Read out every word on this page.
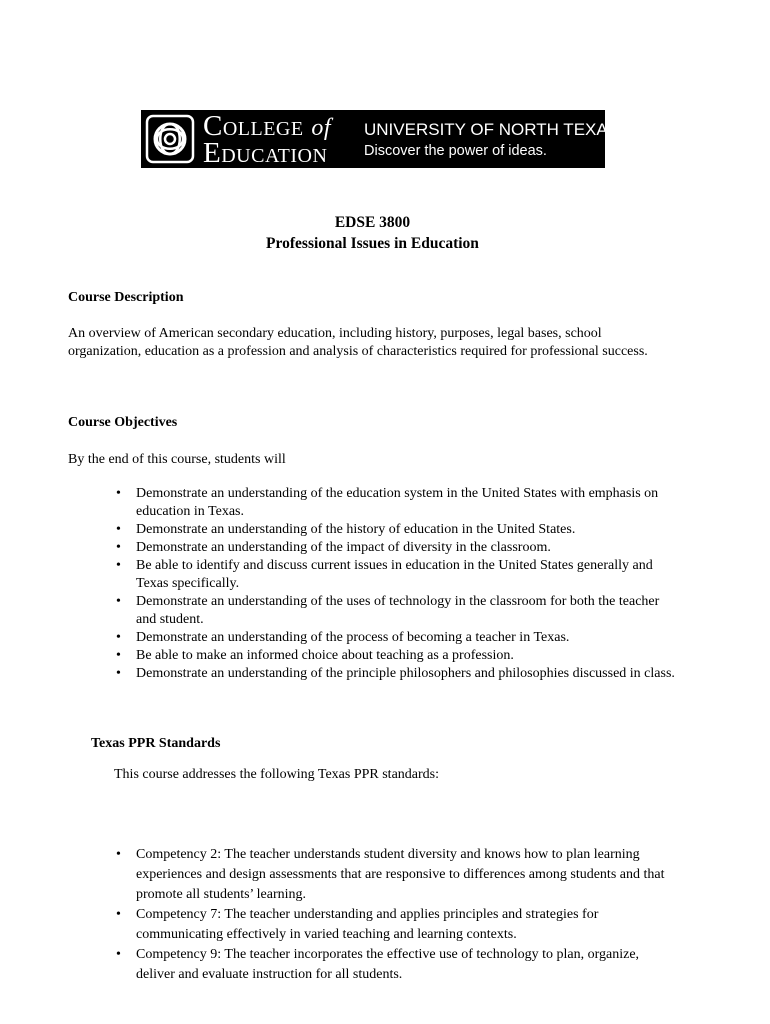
College of
Education
UNIVERSITY OF NORTH TEXAS
Discover the power of ideas.
EDSE 3800
Professional Issues in Education
Course Description
An overview of American secondary education, including history, purposes, legal bases, school organization, education as a profession and analysis of characteristics required for professional success.
Course Objectives
By the end of this course, students will
• Demonstrate an understanding of the education system in the United States with emphasis on education in Texas.
• Demonstrate an understanding of the history of education in the United States.
• Demonstrate an understanding of the impact of diversity in the classroom.
• Be able to identify and discuss current issues in education in the United States generally and Texas specifically.
• Demonstrate an understanding of the uses of technology in the classroom for both the teacher and student.
• Demonstrate an understanding of the process of becoming a teacher in Texas.
• Be able to make an informed choice about teaching as a profession.
• Demonstrate an understanding of the principle philosophers and philosophies discussed in class.
Texas PPR Standards
This course addresses the following Texas PPR standards:
• Competency 2: The teacher understands student diversity and knows how to plan learning experiences and design assessments that are responsive to differences among students and that promote all students’ learning.
• Competency 7: The teacher understanding and applies principles and strategies for communicating effectively in varied teaching and learning contexts.
• Competency 9: The teacher incorporates the effective use of technology to plan, organize, deliver and evaluate instruction for all students.
